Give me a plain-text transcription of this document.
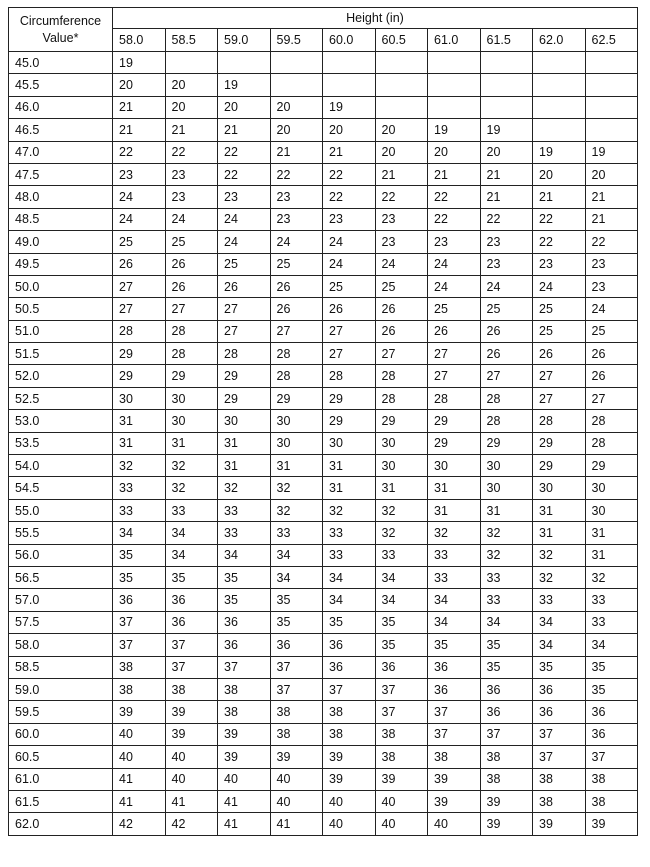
Circumference
Value*	Height (in)									
	58.0	58.5	59.0	59.5	60.0	60.5	61.0	61.5	62.0	62.5
45.0	19									
45.5	20	20	19							
46.0	21	20	20	20	19					
46.5	21	21	21	20	20	20	19	19		
47.0	22	22	22	21	21	20	20	20	19	19
47.5	23	23	22	22	22	21	21	21	20	20
48.0	24	23	23	23	22	22	22	21	21	21
48.5	24	24	24	23	23	23	22	22	22	21
49.0	25	25	24	24	24	23	23	23	22	22
49.5	26	26	25	25	24	24	24	23	23	23
50.0	27	26	26	26	25	25	24	24	24	23
50.5	27	27	27	26	26	26	25	25	25	24
51.0	28	28	27	27	27	26	26	26	25	25
51.5	29	28	28	28	27	27	27	26	26	26
52.0	29	29	29	28	28	28	27	27	27	26
52.5	30	30	29	29	29	28	28	28	27	27
53.0	31	30	30	30	29	29	29	28	28	28
53.5	31	31	31	30	30	30	29	29	29	28
54.0	32	32	31	31	31	30	30	30	29	29
54.5	33	32	32	32	31	31	31	30	30	30
55.0	33	33	33	32	32	32	31	31	31	30
55.5	34	34	33	33	33	32	32	32	31	31
56.0	35	34	34	34	33	33	33	32	32	31
56.5	35	35	35	34	34	34	33	33	32	32
57.0	36	36	35	35	34	34	34	33	33	33
57.5	37	36	36	35	35	35	34	34	34	33
58.0	37	37	36	36	36	35	35	35	34	34
58.5	38	37	37	37	36	36	36	35	35	35
59.0	38	38	38	37	37	37	36	36	36	35
59.5	39	39	38	38	38	37	37	36	36	36
60.0	40	39	39	38	38	38	37	37	37	36
60.5	40	40	39	39	39	38	38	38	37	37
61.0	41	40	40	40	39	39	39	38	38	38
61.5	41	41	41	40	40	40	39	39	38	38
62.0	42	42	41	41	40	40	40	39	39	39
